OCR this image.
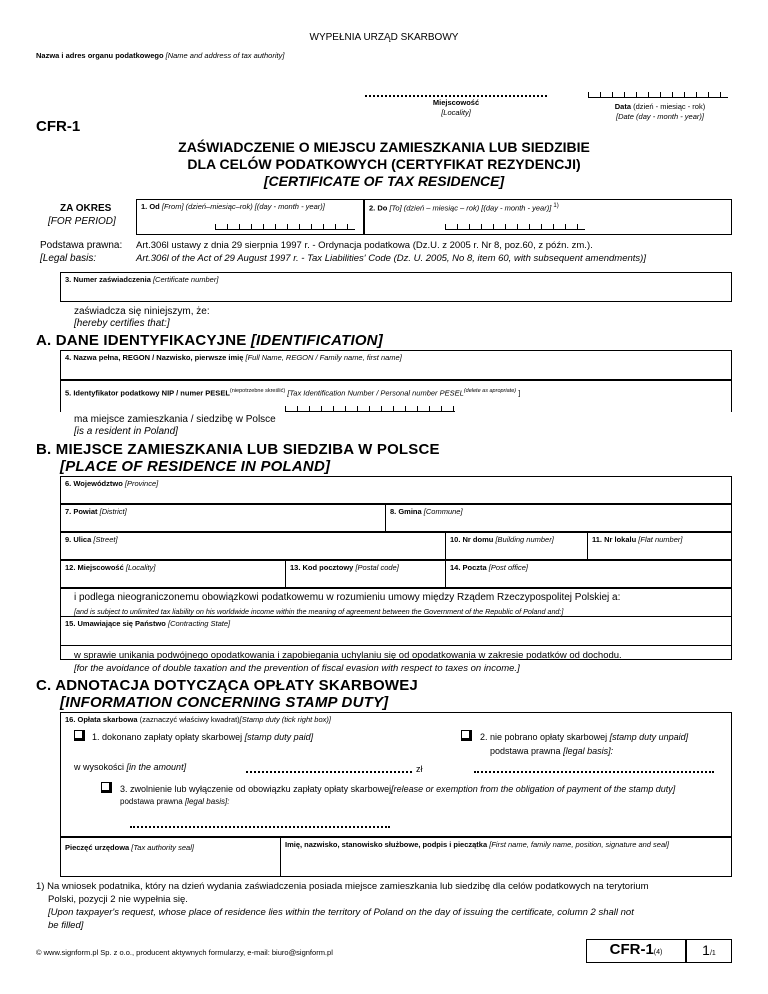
WYPEŁNIA URZĄD SKARBOWY
Nazwa i adres organu podatkowego [Name and address of tax authority]
Miejscowość
[Locality]
Data (dzień - miesiąc - rok)
[Date (day - month - year)]
CFR-1
ZAŚWIADCZENIE O MIEJSCU ZAMIESZKANIA LUB SIEDZIBIE
DLA CELÓW PODATKOWYCH (CERTYFIKAT REZYDENCJI)
[CERTIFICATE OF TAX RESIDENCE]
ZA OKRES
[FOR PERIOD]
1. Od [From] (dzień–miesiąc–rok) [(day - month - year)]	2. Do [To] (dzień – miesiąc – rok) [(day - month - year)] $^{1)}$
Podstawa prawna:
[Legal basis:
Art.306l ustawy z dnia 29 sierpnia 1997 r. - Ordynacja podatkowa (Dz.U. z 2005 r. Nr 8, poz.60, z późn. zm.).
Art.306l of the Act of 29 August 1997 r. - Tax Liabilities' Code (Dz. U. 2005, No 8, item 60, with subsequent amendments)]
3. Numer zaświadczenia [Certificate number]
zaświadcza się niniejszym, że:
[hereby certifies that:]
A. DANE IDENTYFIKACYJNE [IDENTIFICATION]
4. Nazwa pełna, REGON / Nazwisko, pierwsze imię [Full Name, REGON / Family name, first name]
5. Identyfikator podatkowy NIP / numer $PESEL^{(niepotrzebne skreślić)}$ [Tax Identification Number / Personal number $PESEL^{(delete as apropriate)}$ ]
ma miejsce zamieszkania / siedzibę w Polsce
[is a resident in Poland]
B. MIEJSCE ZAMIESZKANIA LUB SIEDZIBA W POLSCE
[PLACE OF RESIDENCE IN POLAND]
6. Województwo [Province]
7. Powiat [District]	8. Gmina [Commune]
9. Ulica [Street]	10. Nr domu [Building number]	11. Nr lokalu [Flat number]
12. Miejscowość [Locality]	13. Kod pocztowy [Postal code]	14. Poczta [Post office]
i podlega nieograniczonemu obowiązkowi podatkowemu w rozumieniu umowy między Rządem Rzeczypospolitej Polskiej a:
[and is subject to unlimited tax liability on his worldwide income within the meaning of agreement between the Government of the Republic of Poland and:]
15. Umawiające się Państwo [Contracting State]
w sprawie unikania podwójnego opodatkowania i zapobiegania uchylaniu się od opodatkowania w zakresie podatków od dochodu.
[for the avoidance of double taxation and the prevention of fiscal evasion with respect to taxes on income.]
C. ADNOTACJA DOTYCZĄCA OPŁATY SKARBOWEJ
[INFORMATION CONCERNING STAMP DUTY]
16. Opłata skarbowa (zaznaczyć właściwy kwadrat)[Stamp duty (tick right box)]
1. dokonano zapłaty opłaty skarbowej [stamp duty paid]	2. nie pobrano opłaty skarbowej [stamp duty unpaid]
podstawa prawna [legal basis]:
w wysokości [in the amount]	zł
3. zwolnienie lub wyłączenie od obowiązku zapłaty opłaty skarbowej[release or exemption from the obligation of payment of the stamp duty]
podstawa prawna [legal basis]:
Pieczęć urzędowa [Tax authority seal]	Imię, nazwisko, stanowisko służbowe, podpis i pieczątka [First name, family name, position, signature and seal]
1) Na wniosek podatnika, który na dzień wydania zaświadczenia posiada miejsce zamieszkania lub siedzibę dla celów podatkowych na terytorium
Polski, pozycji 2 nie wypełnia się.
[Upon taxpayer's request, whose place of residence lies within the territory of Poland on the day of issuing the certificate, column 2 shall not
be filled]
© www.signform.pl Sp. z o.o., producent aktywnych formularzy, e-mail: biuro@signform.pl	CFR-1(4)	1/1
